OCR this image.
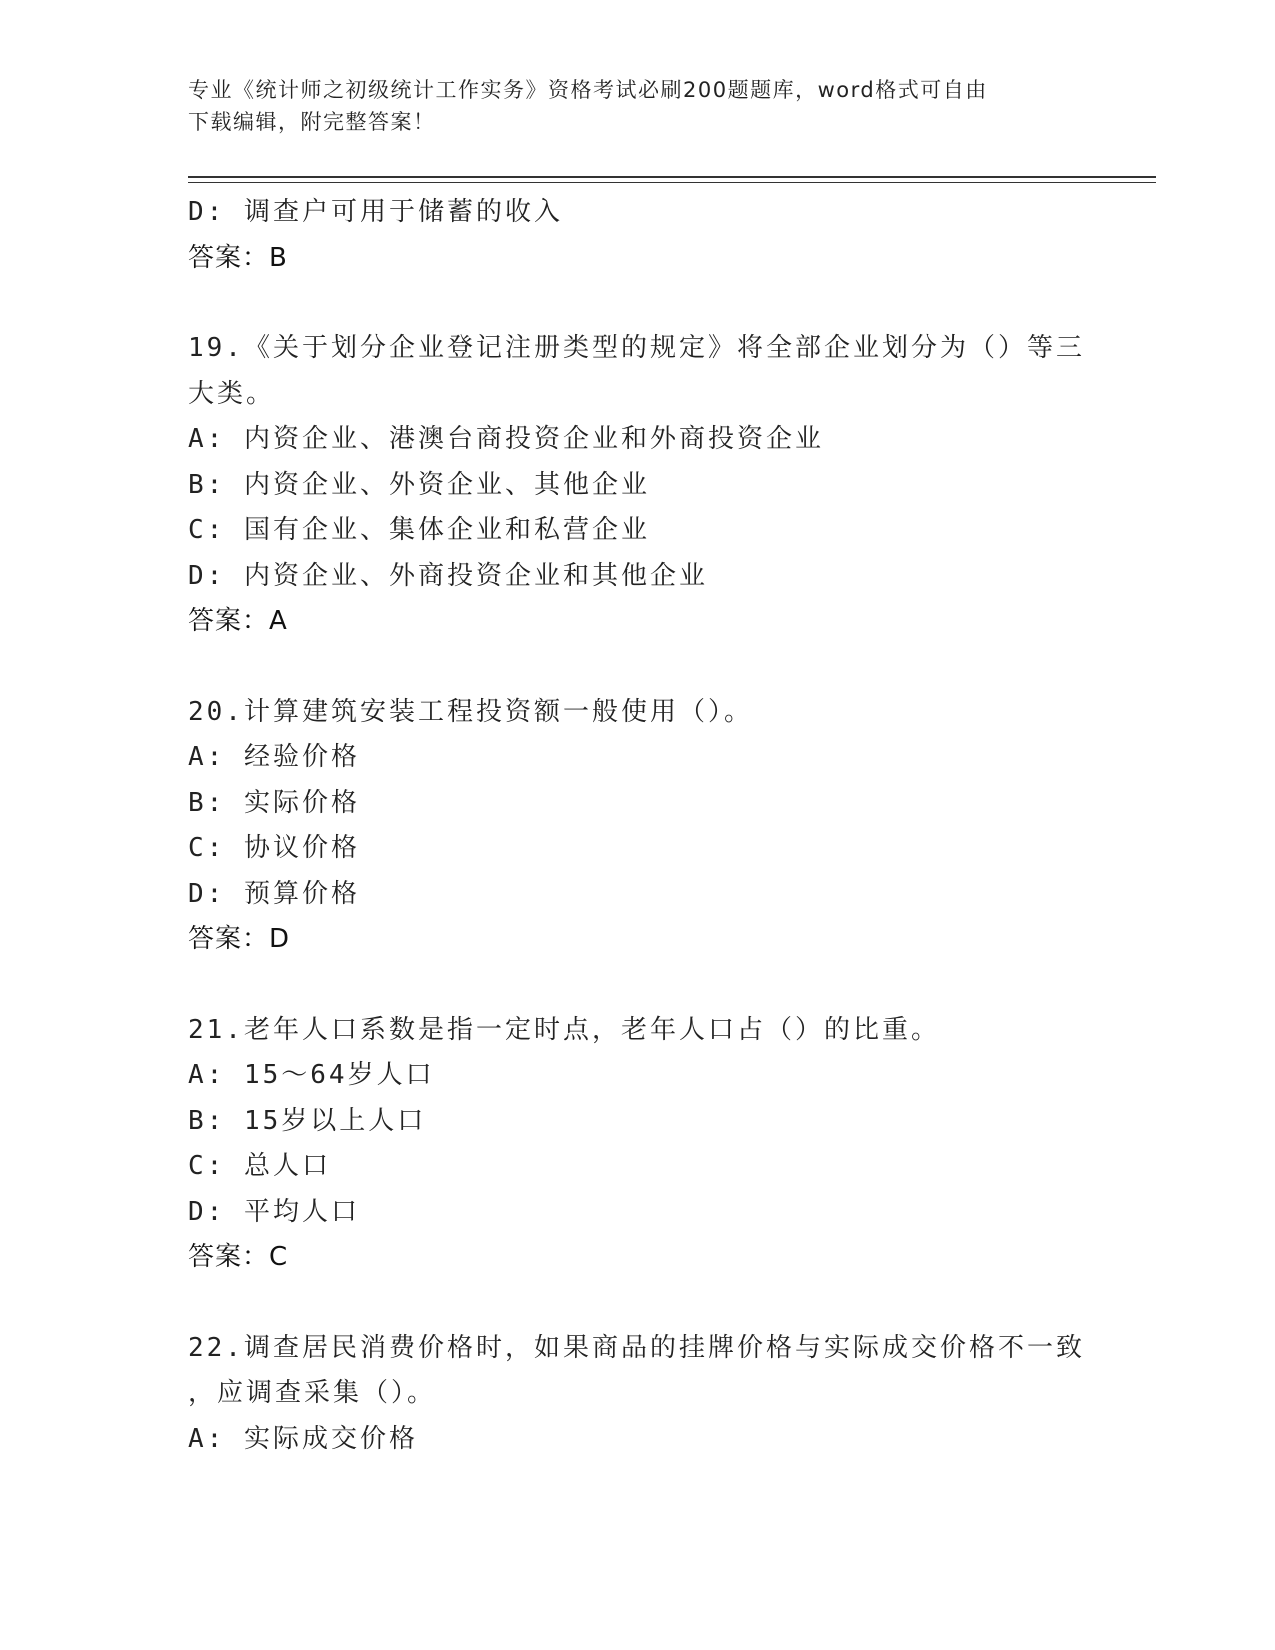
专业《统计师之初级统计工作实务》资格考试必刷200题题库，word格式可自由
下载编辑，附完整答案！
D: 调查户可用于储蓄的收入
答案：B
19.《关于划分企业登记注册类型的规定》将全部企业划分为（）等三
大类。
A: 内资企业、港澳台商投资企业和外商投资企业
B: 内资企业、外资企业、其他企业
C: 国有企业、集体企业和私营企业
D: 内资企业、外商投资企业和其他企业
答案：A
20.计算建筑安装工程投资额一般使用（）。
A: 经验价格
B: 实际价格
C: 协议价格
D: 预算价格
答案：D
21.老年人口系数是指一定时点，老年人口占（）的比重。
A: 15～64岁人口
B: 15岁以上人口
C: 总人口
D: 平均人口
答案：C
22.调查居民消费价格时，如果商品的挂牌价格与实际成交价格不一致
，应调查采集（）。
A: 实际成交价格
